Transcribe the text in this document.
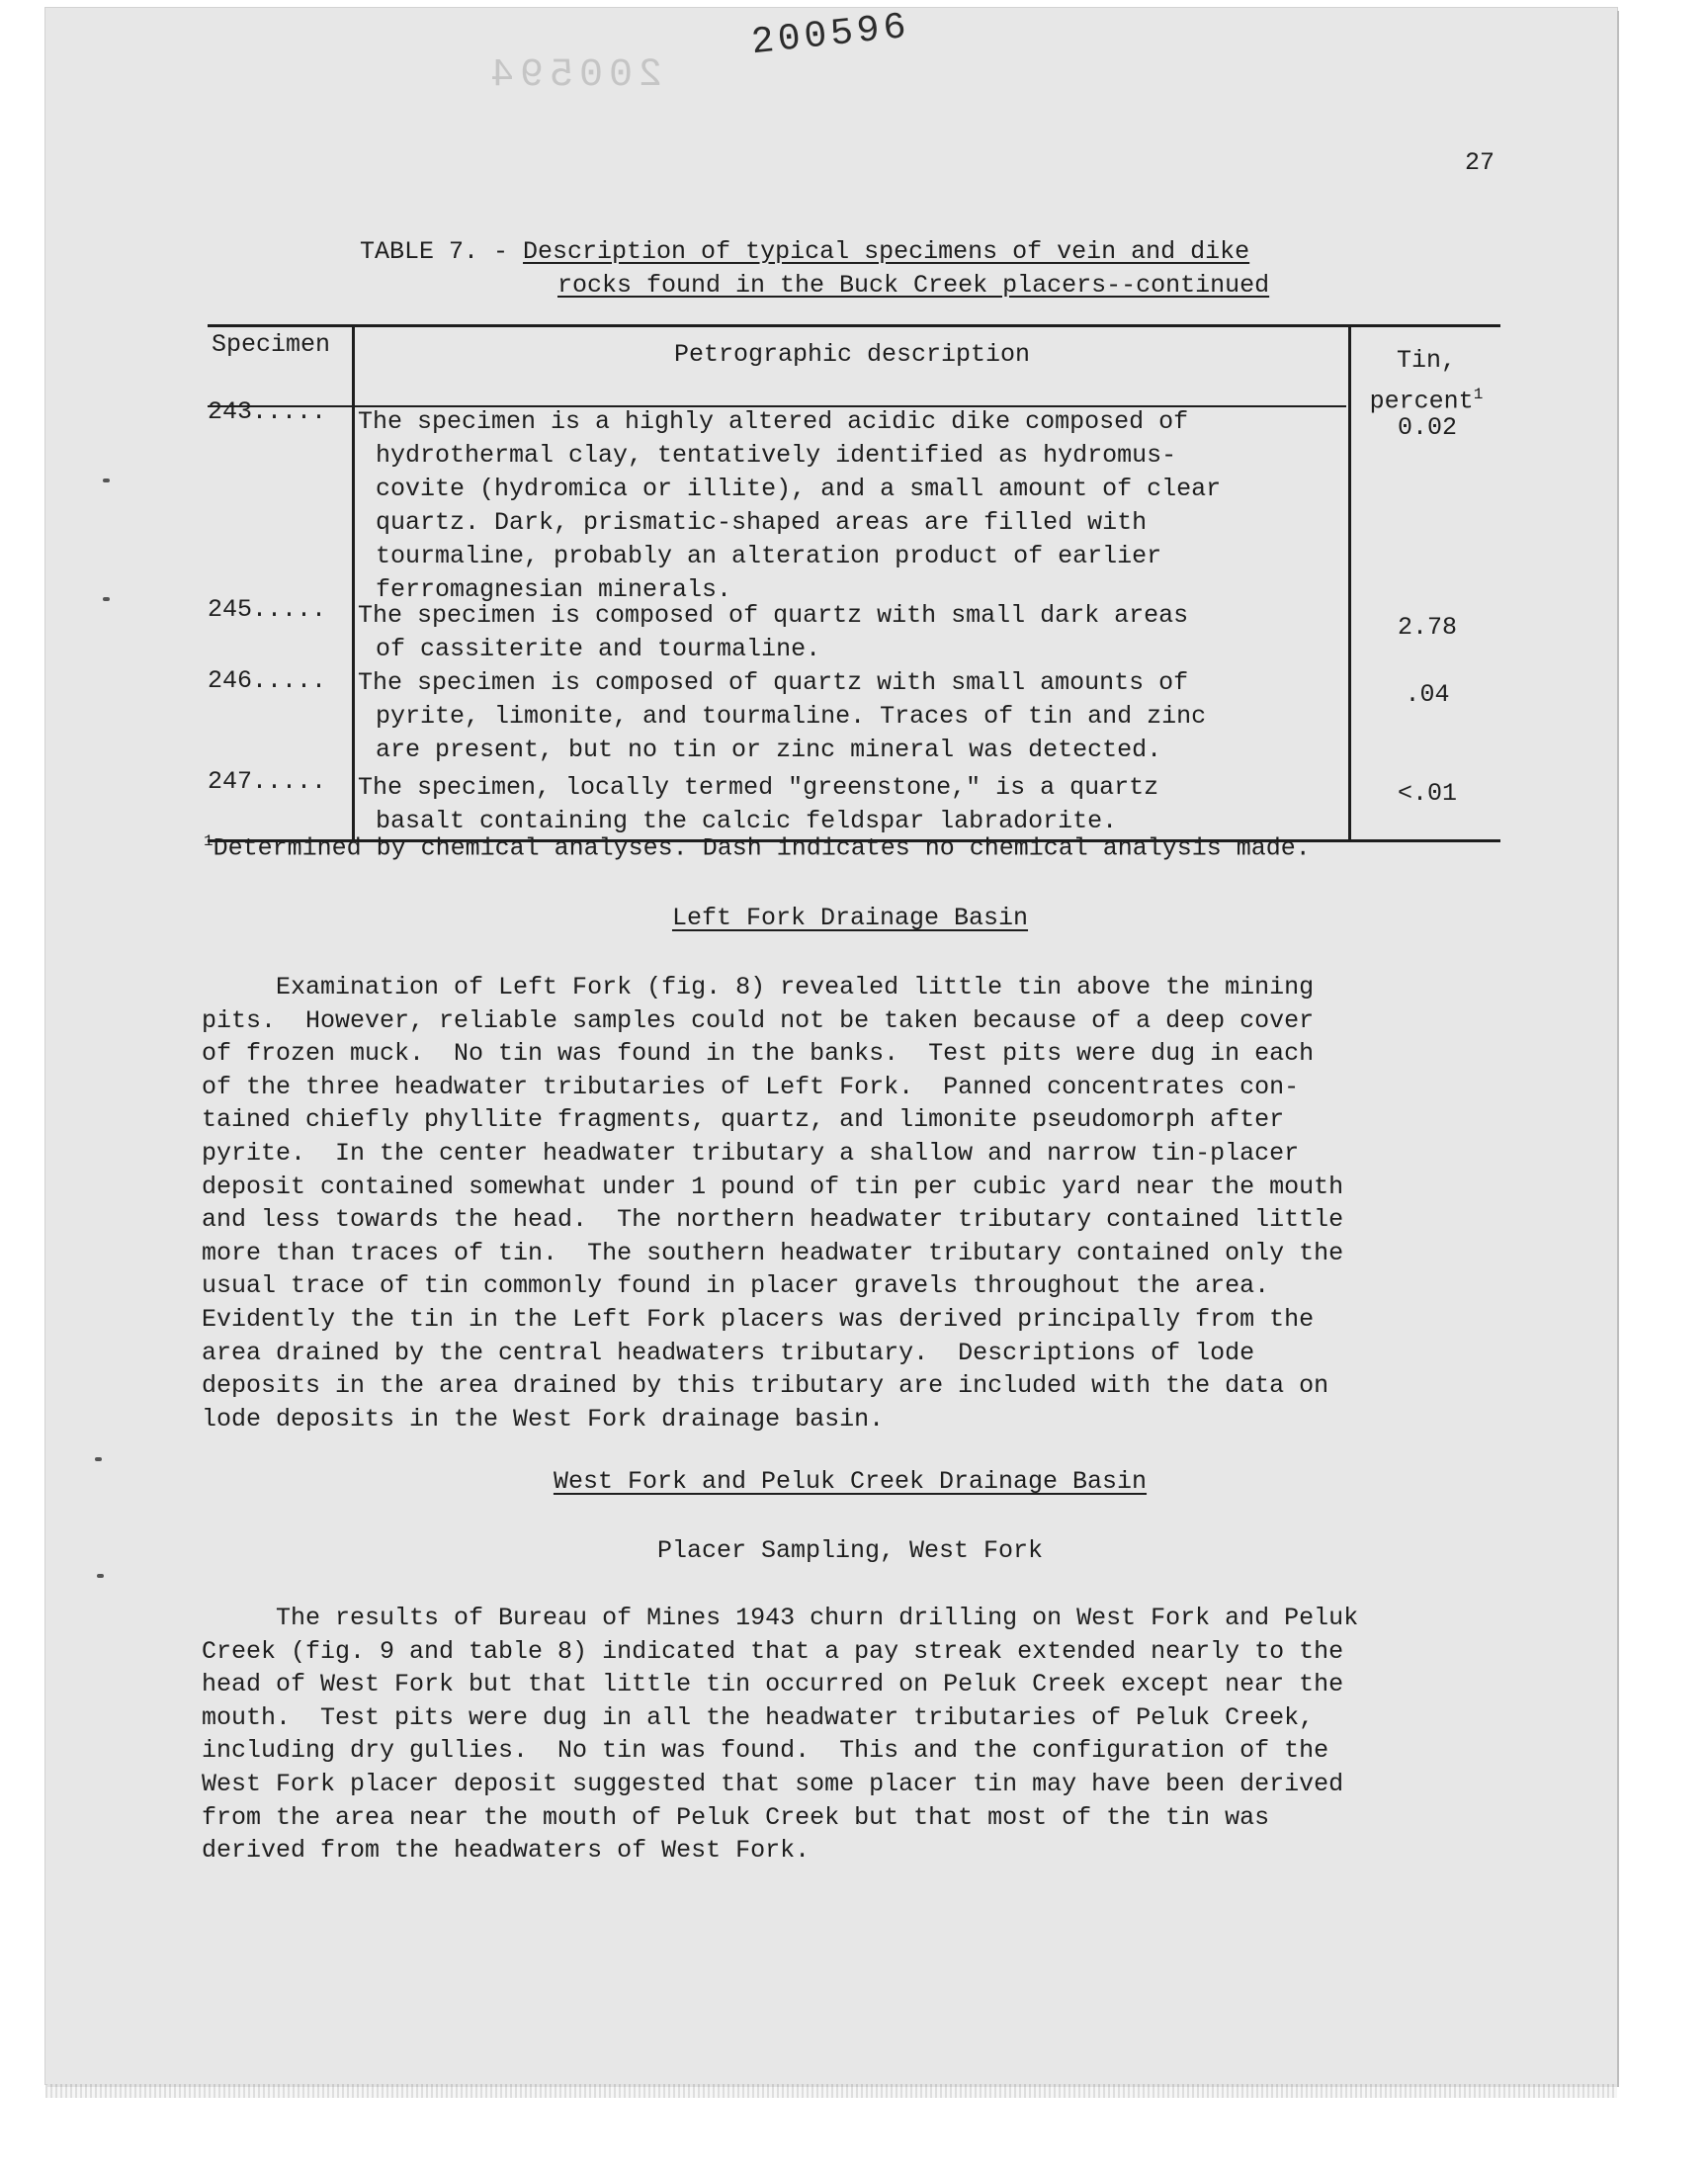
200596
200594
27
TABLE 7. - Description of typical specimens of vein and dike
rocks found in the Buck Creek placers--continued
Specimen	Petrographic description	Tin,
percent$^1$
243.....	The specimen is a highly altered acidic dike composed of
hydrothermal clay, tentatively identified as hydromus-
covite (hydromica or illite), and a small amount of clear
quartz. Dark, prismatic-shaped areas are filled with
tourmaline, probably an alteration product of earlier
ferromagnesian minerals.
0.02
245.....	The specimen is composed of quartz with small dark areas
of cassiterite and tourmaline.
2.78
246.....	The specimen is composed of quartz with small amounts of
pyrite, limonite, and tourmaline. Traces of tin and zinc
are present, but no tin or zinc mineral was detected.
.04
247.....	The specimen, locally termed "greenstone," is a quartz
basalt containing the calcic feldspar labradorite.
<.01
$^1$Determined by chemical analyses. Dash indicates no chemical analysis made.
Left Fork Drainage Basin
Examination of Left Fork (fig. 8) revealed little tin above the mining
pits.  However, reliable samples could not be taken because of a deep cover
of frozen muck.  No tin was found in the banks.  Test pits were dug in each
of the three headwater tributaries of Left Fork.  Panned concentrates con-
tained chiefly phyllite fragments, quartz, and limonite pseudomorph after
pyrite.  In the center headwater tributary a shallow and narrow tin-placer
deposit contained somewhat under 1 pound of tin per cubic yard near the mouth
and less towards the head.  The northern headwater tributary contained little
more than traces of tin.  The southern headwater tributary contained only the
usual trace of tin commonly found in placer gravels throughout the area.
Evidently the tin in the Left Fork placers was derived principally from the
area drained by the central headwaters tributary.  Descriptions of lode
deposits in the area drained by this tributary are included with the data on
lode deposits in the West Fork drainage basin.
West Fork and Peluk Creek Drainage Basin
Placer Sampling, West Fork
The results of Bureau of Mines 1943 churn drilling on West Fork and Peluk
Creek (fig. 9 and table 8) indicated that a pay streak extended nearly to the
head of West Fork but that little tin occurred on Peluk Creek except near the
mouth.  Test pits were dug in all the headwater tributaries of Peluk Creek,
including dry gullies.  No tin was found.  This and the configuration of the
West Fork placer deposit suggested that some placer tin may have been derived
from the area near the mouth of Peluk Creek but that most of the tin was
derived from the headwaters of West Fork.
